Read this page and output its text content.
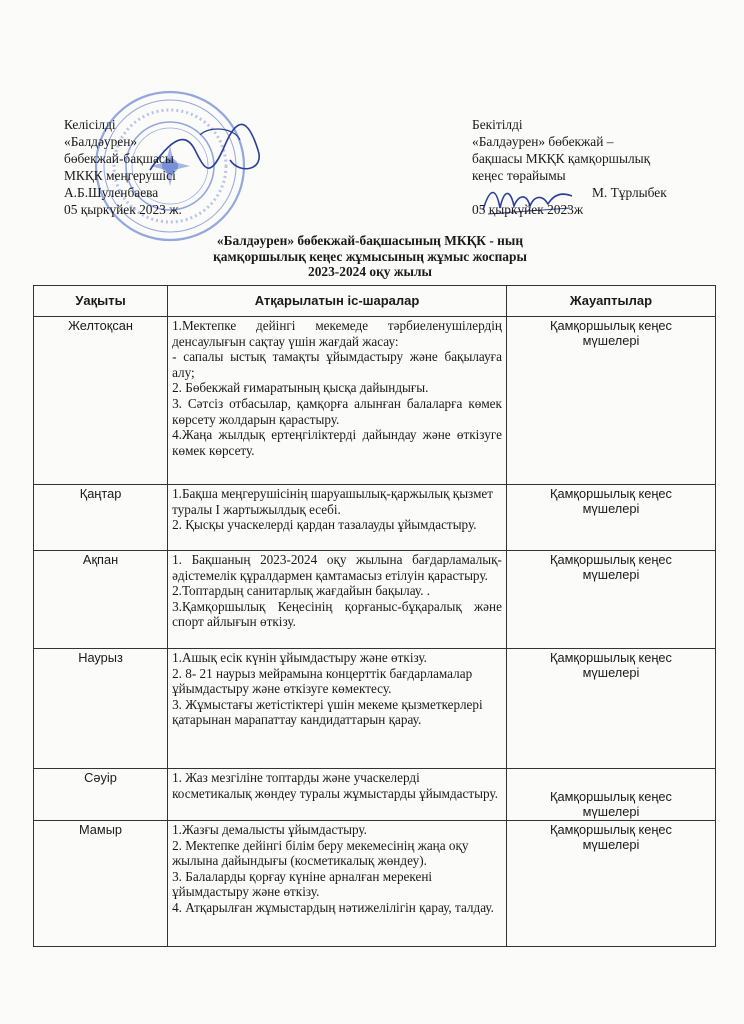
Келісілді
«Балдәурен»
бөбекжай-бақшасы
МКҚК меңгерушісі
А.Б.Шуленбаева
05 қыркүйек 2023 ж.
Бекітілді
«Балдәурен» бөбекжай –
бақшасы МКҚК қамқоршылық
кеңес төрайымы
М. Тұрлыбек
05 қыркүйек 2023ж
«Балдәурен» бөбекжай-бақшасының МКҚК - ның
қамқоршылық кеңес жұмысының жұмыс жоспары
2023-2024 оқу жылы
Уақыты	Атқарылатын іс-шаралар	Жауаптылар
Желтоқсан	1.Мектепке дейінгі мекемеде тәрбиеленушілердің денсаулығын сақтау үшін жағдай жасау:
- сапалы ыстық тамақты ұйымдастыру және бақылауға алу;
2. Бөбекжай ғимаратының қысқа дайындығы.
3. Сәтсіз отбасылар, қамқорға алынған балаларға көмек көрсету жолдарын қарастыру.
4.Жаңа жылдық ертеңгіліктерді дайындау және өткізуге көмек көрсету.	Қамқоршылық кеңес мүшелері
Қаңтар	1.Бақша меңгерушісінің шаруашылық-қаржылық қызмет туралы I жартыжылдық есебі.
2. Қысқы учаскелерді қардан тазалауды ұйымдастыру.	Қамқоршылық кеңес мүшелері
Ақпан	1. Бақшаның 2023-2024 оқу жылына бағдарламалық-әдістемелік құралдармен қамтамасыз етілуін қарастыру.
2.Топтардың санитарлық жағдайын бақылау. .
3.Қамқоршылық Кеңесінің қорғаныс-бұқаралық және спорт айлығын өткізу.	Қамқоршылық кеңес мүшелері
Наурыз	1.Ашық есік күнін ұйымдастыру және өткізу.
2. 8- 21 наурыз мейрамына концерттік бағдарламалар ұйымдастыру және өткізуге көмектесу.
3. Жұмыстағы жетістіктері үшін мекеме қызметкерлері қатарынан марапаттау кандидаттарын қарау.	Қамқоршылық кеңес мүшелері
Сәуір	1. Жаз мезгіліне топтарды және учаскелерді косметикалық жөндеу туралы жұмыстарды ұйымдастыру.	Қамқоршылық кеңес мүшелері
Мамыр	1.Жазғы демалысты ұйымдастыру.
2. Мектепке дейінгі білім беру мекемесінің жаңа оқу жылына дайындығы (косметикалық жөндеу).
3. Балаларды қорғау күніне арналған мерекені ұйымдастыру және өткізу.
4. Атқарылған жұмыстардың нәтижелілігін қарау, талдау.	Қамқоршылық кеңес мүшелері
